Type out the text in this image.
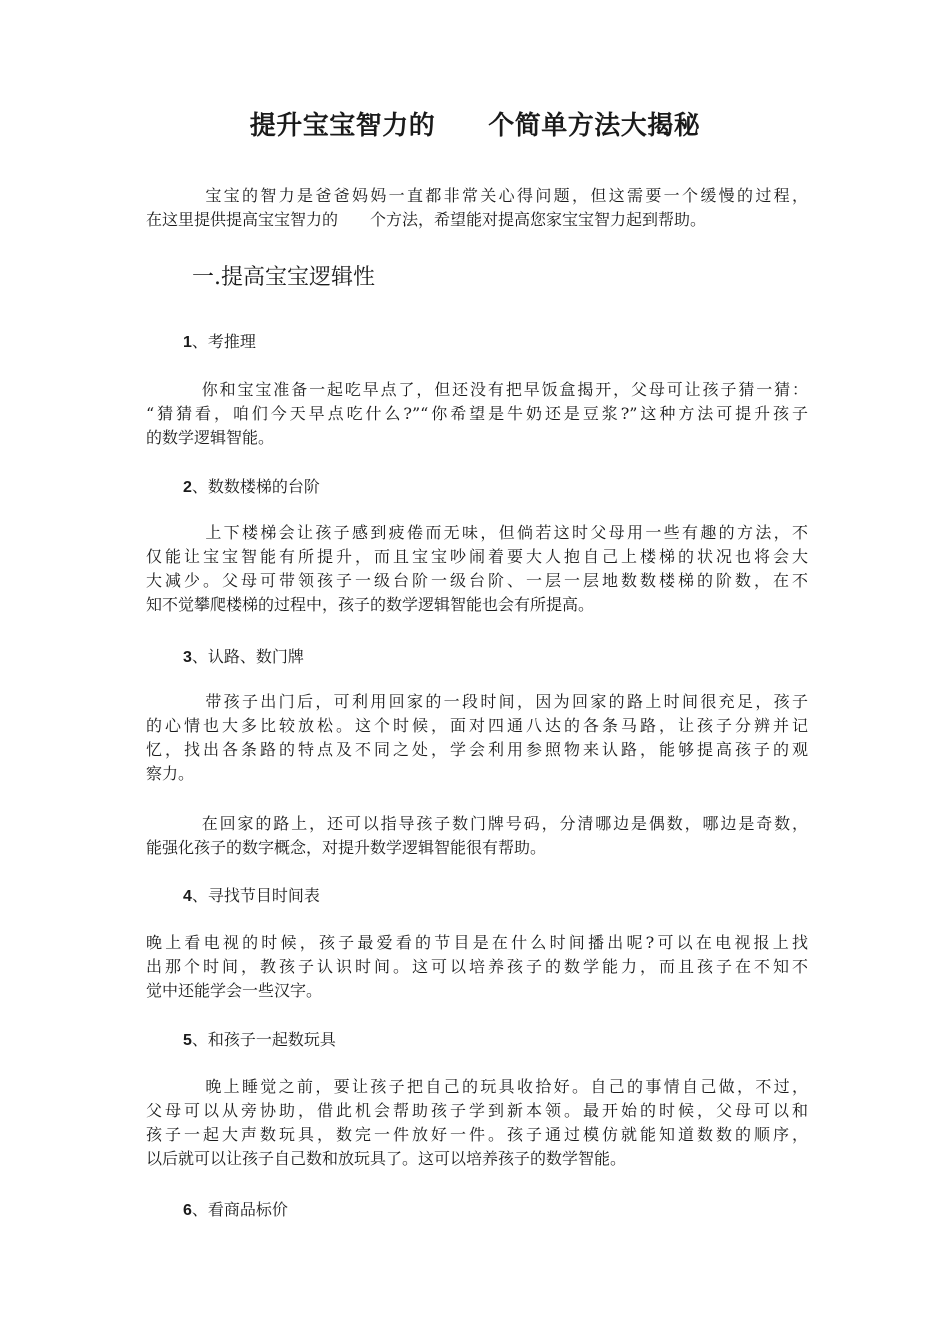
提升宝宝智力的　　个简单方法大揭秘
宝宝的智力是爸爸妈妈一直都非常关心得问题，但这需要一个缓慢的过程，
在这里提供提高宝宝智力的　　个方法，希望能对提高您家宝宝智力起到帮助。
一.提高宝宝逻辑性
1、考推理
你和宝宝准备一起吃早点了，但还没有把早饭盒揭开，父母可让孩子猜一猜：
“猜猜看，咱们今天早点吃什么?”“你希望是牛奶还是豆浆?”这种方法可提升孩子
的数学逻辑智能。
2、数数楼梯的台阶
上下楼梯会让孩子感到疲倦而无味，但倘若这时父母用一些有趣的方法，不
仅能让宝宝智能有所提升，而且宝宝吵闹着要大人抱自己上楼梯的状况也将会大
大减少。父母可带领孩子一级台阶一级台阶、一层一层地数数楼梯的阶数，在不
知不觉攀爬楼梯的过程中，孩子的数学逻辑智能也会有所提高。
3、认路、数门牌
带孩子出门后，可利用回家的一段时间，因为回家的路上时间很充足，孩子
的心情也大多比较放松。这个时候，面对四通八达的各条马路，让孩子分辨并记
忆，找出各条路的特点及不同之处，学会利用参照物来认路，能够提高孩子的观
察力。
在回家的路上，还可以指导孩子数门牌号码，分清哪边是偶数，哪边是奇数，
能强化孩子的数字概念，对提升数学逻辑智能很有帮助。
4、寻找节目时间表
晚上看电视的时候，孩子最爱看的节目是在什么时间播出呢?可以在电视报上找
出那个时间，教孩子认识时间。这可以培养孩子的数学能力，而且孩子在不知不
觉中还能学会一些汉字。
5、和孩子一起数玩具
晚上睡觉之前，要让孩子把自己的玩具收拾好。自己的事情自己做，不过，
父母可以从旁协助，借此机会帮助孩子学到新本领。最开始的时候，父母可以和
孩子一起大声数玩具，数完一件放好一件。孩子通过模仿就能知道数数的顺序，
以后就可以让孩子自己数和放玩具了。这可以培养孩子的数学智能。
6、看商品标价
